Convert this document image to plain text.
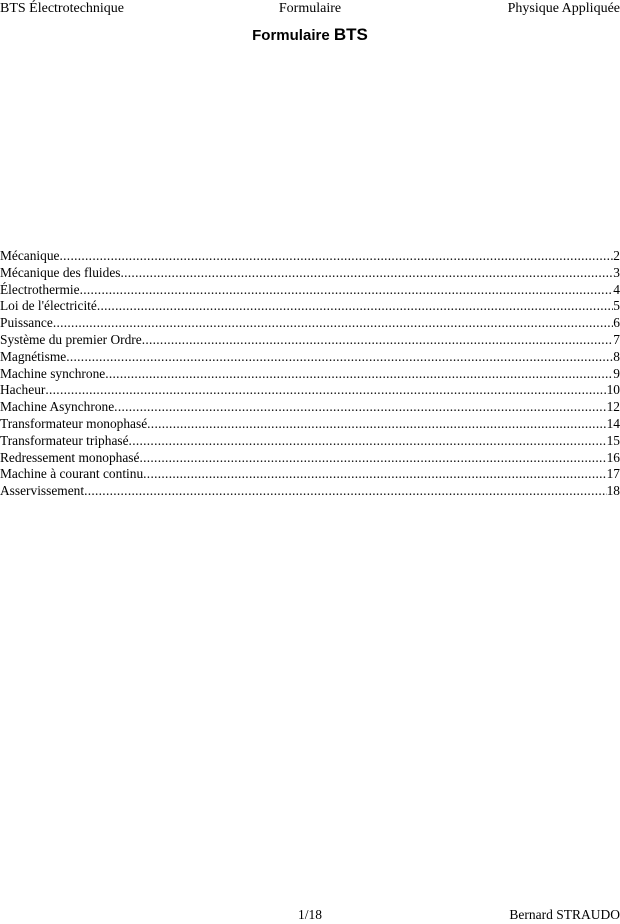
BTS Électrotechnique	Formulaire	Physique Appliquée
Formulaire BTS
Mécanique .....	2
Mécanique des fluides .....	3
Électrothermie .....	4
Loi de l'électricité .....	5
Puissance .....	6
Système du premier Ordre .....	7
Magnétisme .....	8
Machine synchrone .....	9
Hacheur .....	10
Machine Asynchrone .....	12
Transformateur monophasé .....	14
Transformateur triphasé .....	15
Redressement monophasé .....	16
Machine à courant continu .....	17
Asservissement .....	18
1/18	Bernard STRAUDO
